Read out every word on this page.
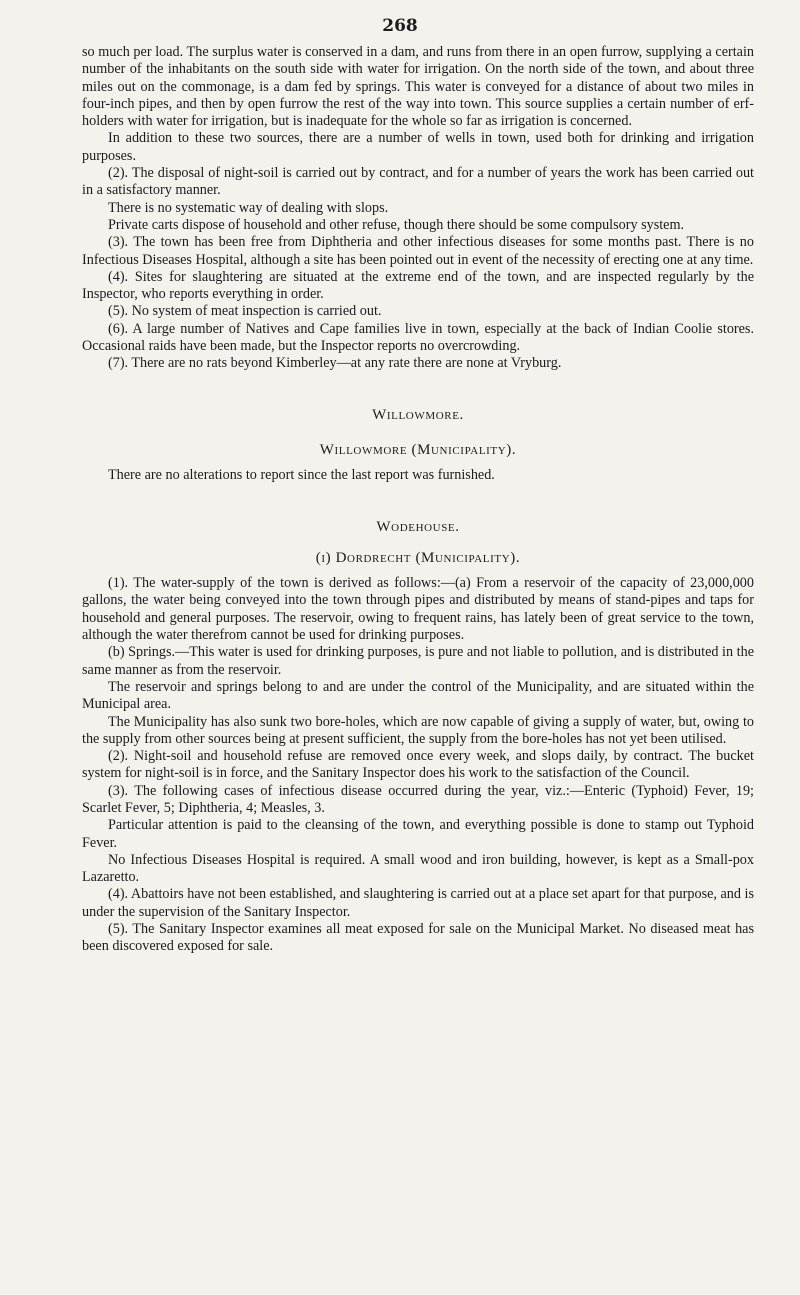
268

so much per load. The surplus water is conserved in a dam, and runs from there in an open furrow, supplying a certain number of the inhabitants on the south side with water for irrigation. On the north side of the town, and about three miles out on the commonage, is a dam fed by springs. This water is conveyed for a distance of about two miles in four-inch pipes, and then by open furrow the rest of the way into town. This source supplies a certain number of erf-holders with water for irrigation, but is inadequate for the whole so far as irrigation is concerned.

In addition to these two sources, there are a number of wells in town, used both for drinking and irrigation purposes.

(2). The disposal of night-soil is carried out by contract, and for a number of years the work has been carried out in a satisfactory manner.

There is no systematic way of dealing with slops.

Private carts dispose of household and other refuse, though there should be some compulsory system.

(3). The town has been free from Diphtheria and other infectious diseases for some months past. There is no Infectious Diseases Hospital, although a site has been pointed out in event of the necessity of erecting one at any time.

(4). Sites for slaughtering are situated at the extreme end of the town, and are inspected regularly by the Inspector, who reports everything in order.

(5). No system of meat inspection is carried out.

(6). A large number of Natives and Cape families live in town, especially at the back of Indian Coolie stores. Occasional raids have been made, but the Inspector reports no overcrowding.

(7). There are no rats beyond Kimberley—at any rate there are none at Vryburg.

Willowmore.

Willowmore (Municipality).

There are no alterations to report since the last report was furnished.

Wodehouse.

(i) Dordrecht (Municipality).

(1). The water-supply of the town is derived as follows:—(a) From a reservoir of the capacity of 23,000,000 gallons, the water being conveyed into the town through pipes and distributed by means of stand-pipes and taps for household and general purposes. The reservoir, owing to frequent rains, has lately been of great service to the town, although the water therefrom cannot be used for drinking purposes.

(b) Springs.—This water is used for drinking purposes, is pure and not liable to pollution, and is distributed in the same manner as from the reservoir.

The reservoir and springs belong to and are under the control of the Municipality, and are situated within the Municipal area.

The Municipality has also sunk two bore-holes, which are now capable of giving a supply of water, but, owing to the supply from other sources being at present sufficient, the supply from the bore-holes has not yet been utilised.

(2). Night-soil and household refuse are removed once every week, and slops daily, by contract. The bucket system for night-soil is in force, and the Sanitary Inspector does his work to the satisfaction of the Council.

(3). The following cases of infectious disease occurred during the year, viz.:—Enteric (Typhoid) Fever, 19; Scarlet Fever, 5; Diphtheria, 4; Measles, 3.

Particular attention is paid to the cleansing of the town, and everything possible is done to stamp out Typhoid Fever.

No Infectious Diseases Hospital is required. A small wood and iron building, however, is kept as a Small-pox Lazaretto.

(4). Abattoirs have not been established, and slaughtering is carried out at a place set apart for that purpose, and is under the supervision of the Sanitary Inspector.

(5). The Sanitary Inspector examines all meat exposed for sale on the Municipal Market. No diseased meat has been discovered exposed for sale.
